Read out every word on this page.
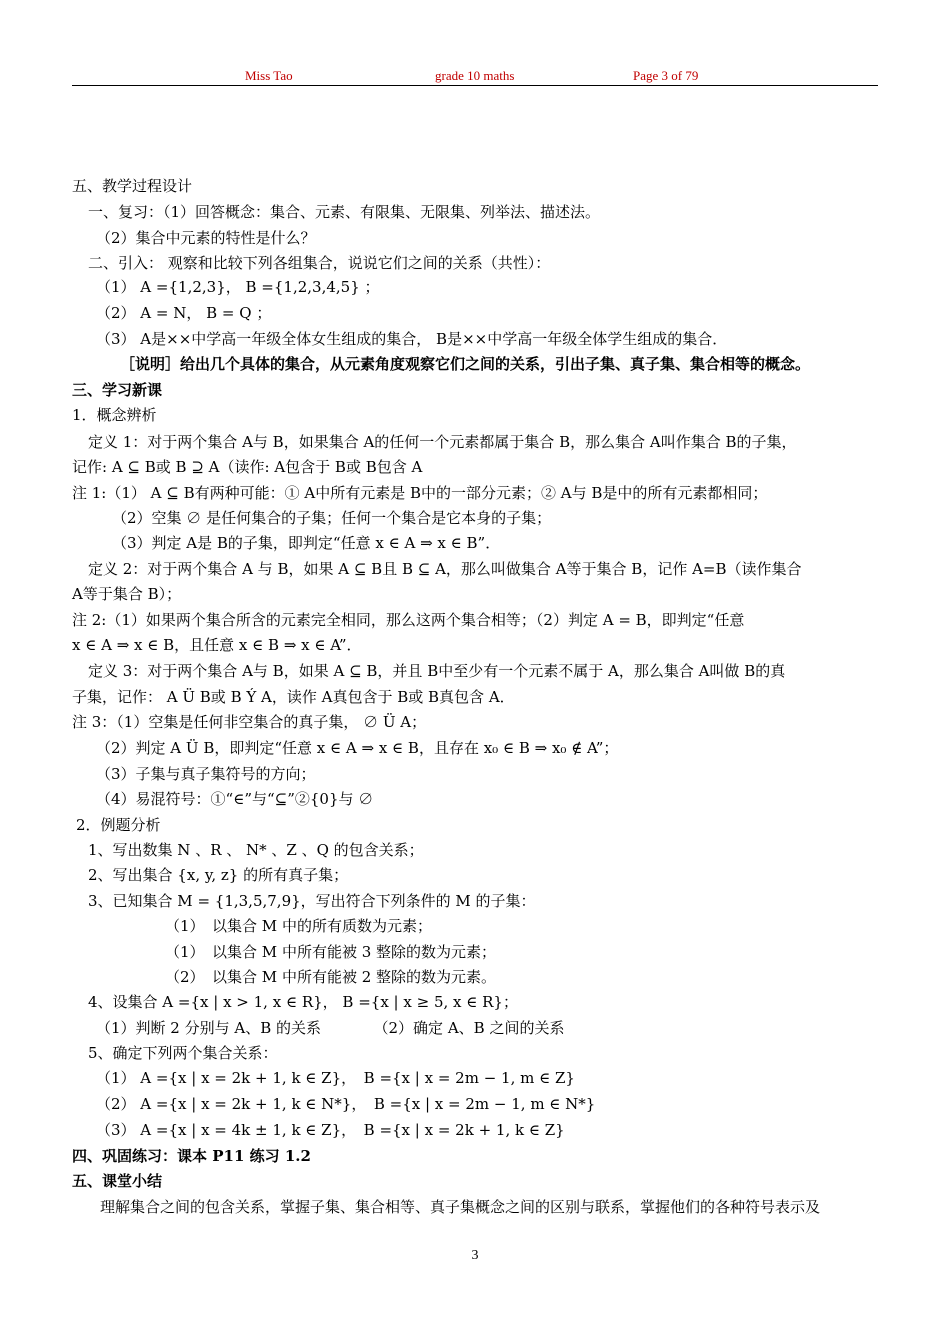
Miss Tao	grade 10 maths	Page 3 of 79
五、教学过程设计
一、复习：（1）回答概念：集合、元素、有限集、无限集、列举法、描述法。
（2）集合中元素的特性是什么？
二、引入： 观察和比较下列各组集合，说说它们之间的关系（共性）：
（1） A ={1,2,3}， B ={1,2,3,4,5} ；
（2） A = N， B = Q ；
（3） A是××中学高一年级全体女生组成的集合， B是××中学高一年级全体学生组成的集合．
［说明］给出几个具体的集合，从元素角度观察它们之间的关系，引出子集、真子集、集合相等的概念。
三、学习新课
1．概念辨析
定义 1：对于两个集合 A与 B，如果集合 A的任何一个元素都属于集合 B，那么集合 A叫作集合 B的子集，
记作: A ⊆ B或 B ⊇ A（读作: A包含于 B或 B包含 A
注 1:（1） A ⊆ B有两种可能：① A中所有元素是 B中的一部分元素；② A与 B是中的所有元素都相同；
（2）空集 ∅ 是任何集合的子集；任何一个集合是它本身的子集；
（3）判定 A是 B的子集，即判定“任意 x ∈ A ⇒ x ∈ B”．
定义 2：对于两个集合 A 与 B，如果 A ⊆ B且 B ⊆ A，那么叫做集合 A等于集合 B，记作 A=B（读作集合
A等于集合 B）；
注 2:（1）如果两个集合所含的元素完全相同，那么这两个集合相等；（2）判定 A = B，即判定“任意
x ∈ A ⇒ x ∈ B，且任意 x ∈ B ⇒ x ∈ A”．
定义 3：对于两个集合 A与 B，如果 A ⊆ B，并且 B中至少有一个元素不属于 A，那么集合 A叫做 B的真
子集，记作： A Ü B或 B Ý A，读作 A真包含于 B或 B真包含 A．
注 3：（1）空集是任何非空集合的真子集， ∅ Ü A；
（2）判定 A Ü B，即判定“任意 x ∈ A ⇒ x ∈ B，且存在 x₀ ∈ B ⇒ x₀ ∉ A”；
（3）子集与真子集符号的方向；
（4）易混符号：①“∈”与“⊆”②{0}与 ∅
2．例题分析
1、写出数集 N 、R 、 N* 、Z 、Q 的包含关系；
2、写出集合 {x, y, z} 的所有真子集；
3、已知集合 M = {1,3,5,7,9}，写出符合下列条件的 M 的子集：
（1）　以集合 M 中的所有质数为元素；
（1）　以集合 M 中所有能被 3 整除的数为元素；
（2）　以集合 M 中所有能被 2 整除的数为元素。
4、设集合 A ={x | x > 1, x ∈ R}， B ={x | x ≥ 5, x ∈ R}；
（1）判断 2 分别与 A、B 的关系　　　　（2）确定 A、B 之间的关系
5、确定下列两个集合关系：
（1） A ={x | x = 2k + 1, k ∈ Z}，　B ={x | x = 2m − 1, m ∈ Z}
（2） A ={x | x = 2k + 1, k ∈ N*}，　B ={x | x = 2m − 1, m ∈ N*}
（3） A ={x | x = 4k ± 1, k ∈ Z}，　B ={x | x = 2k + 1, k ∈ Z}
四、巩固练习：课本 P11 练习 1.2
五、课堂小结
理解集合之间的包含关系，掌握子集、集合相等、真子集概念之间的区别与联系，掌握他们的各种符号表示及
3
